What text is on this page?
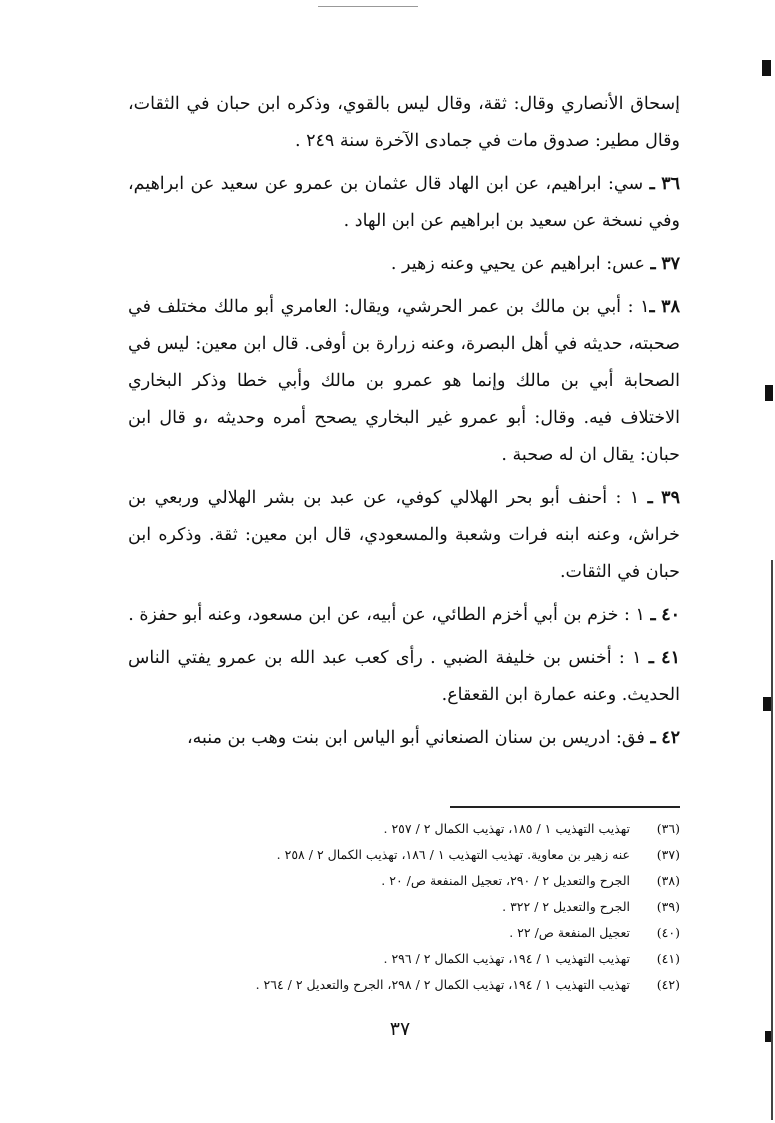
إسحاق الأنصاري وقال: ثقة، وقال ليس بالقوي، وذكره ابن حبان في الثقات، وقال مطير: صدوق مات في جمادى الآخرة سنة ٢٤٩ .

٣٦ ـ سي: ابراهيم، عن ابن الهاد قال عثمان بن عمرو عن سعيد عن ابراهيم، وفي نسخة عن سعيد بن ابراهيم عن ابن الهاد .

٣٧ ـ عس: ابراهيم عن يحيي وعنه زهير .

٣٨ ـ١ : أبي بن مالك بن عمر الحرشي، ويقال: العامري أبو مالك مختلف في صحبته، حديثه في أهل البصرة، وعنه زرارة بن أوفى. قال ابن معين: ليس في الصحابة أبي بن مالك وإنما هو عمرو بن مالك وأبي خطا وذكر البخاري الاختلاف فيه. وقال: أبو عمرو غير البخاري يصحح أمره وحديثه ،و قال ابن حبان: يقال ان له صحبة .

٣٩ ـ ١ : أحنف أبو بحر الهلالي كوفي، عن عبد بن بشر الهلالي وربعي بن خراش، وعنه ابنه فرات وشعبة والمسعودي، قال ابن معين: ثقة. وذكره ابن حبان في الثقات.

٤٠ ـ ١ : خزم بن أبي أخزم الطائي، عن أبيه، عن ابن مسعود، وعنه أبو حفزة .

٤١ ـ ١ : أخنس بن خليفة الضبي . رأى كعب عبد الله بن عمرو يفتي الناس الحديث. وعنه عمارة ابن القعقاع.

٤٢ ـ فق: ادريس بن سنان الصنعاني أبو الياس ابن بنت وهب بن منبه،

(٣٦) تهذيب التهذيب ١ / ١٨٥، تهذيب الكمال ٢ / ٢٥٧ .
(٣٧) عنه زهير بن معاوية. تهذيب التهذيب ١ / ١٨٦، تهذيب الكمال ٢ / ٢٥٨ .
(٣٨) الجرح والتعديل ٢ / ٢٩٠، تعجيل المنفعة ص/ ٢٠ .
(٣٩) الجرح والتعديل ٢ / ٣٢٢ .
(٤٠) تعجيل المنفعة ص/ ٢٢ .
(٤١) تهذيب التهذيب ١ / ١٩٤، تهذيب الكمال ٢ / ٢٩٦ .
(٤٢) تهذيب التهذيب ١ / ١٩٤، تهذيب الكمال ٢ / ٢٩٨، الجرح والتعديل ٢ / ٢٦٤ .
٣٧
